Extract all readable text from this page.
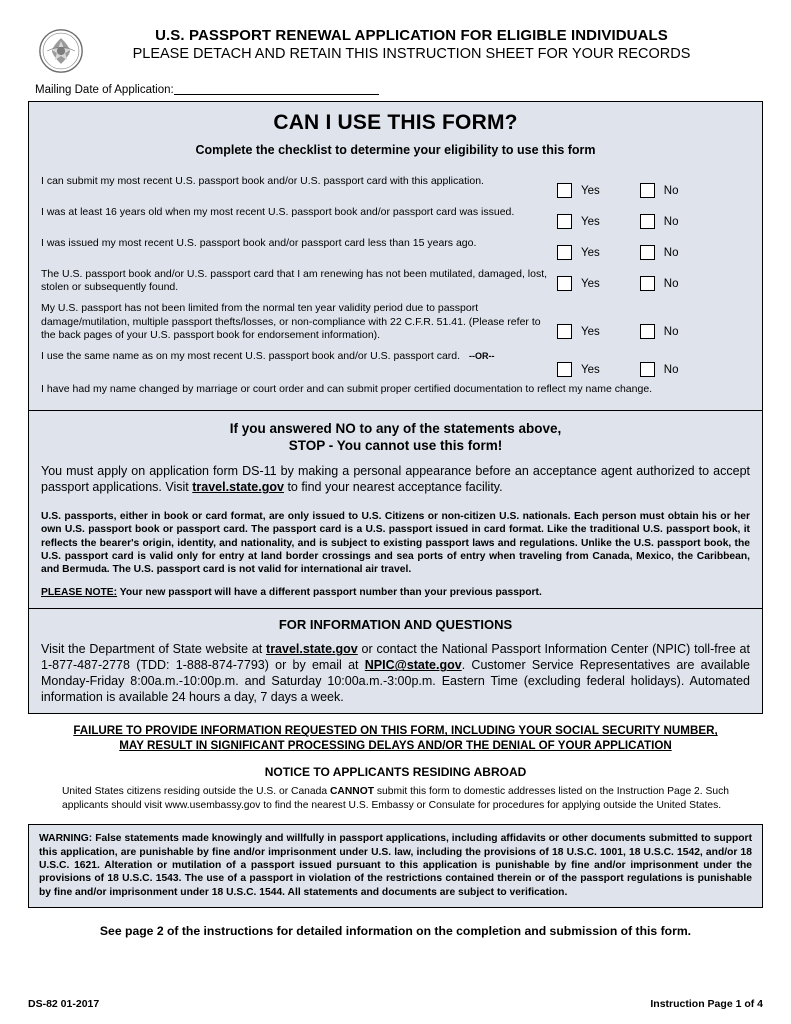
U.S. PASSPORT RENEWAL APPLICATION FOR ELIGIBLE INDIVIDUALS
PLEASE DETACH AND RETAIN THIS INSTRUCTION SHEET FOR YOUR RECORDS
Mailing Date of Application:
CAN I USE THIS FORM?
Complete the checklist to determine your eligibility to use this form
I can submit my most recent U.S. passport book and/or U.S. passport card with this application.
Yes	No
I was at least 16 years old when my most recent U.S. passport book and/or passport card was issued.
Yes	No
I was issued my most recent U.S. passport book and/or passport card less than 15 years ago.
Yes	No
The U.S. passport book and/or U.S. passport card that I am renewing has not been mutilated, damaged, lost, stolen or subsequently found.	Yes	No
My U.S. passport has not been limited from the normal ten year validity period due to passport damage/mutilation, multiple passport thefts/losses, or non-compliance with 22 C.F.R. 51.41. (Please refer to the back pages of your U.S. passport book for endorsement information).	Yes	No
I use the same name as on my most recent U.S. passport book and/or U.S. passport card. --OR--
Yes	No
I have had my name changed by marriage or court order and can submit proper certified documentation to reflect my name change.
If you answered NO to any of the statements above,
STOP - You cannot use this form!
You must apply on application form DS-11 by making a personal appearance before an acceptance agent authorized to accept passport applications. Visit travel.state.gov to find your nearest acceptance facility.
U.S. passports, either in book or card format, are only issued to U.S. Citizens or non-citizen U.S. nationals. Each person must obtain his or her own U.S. passport book or passport card. The passport card is a U.S. passport issued in card format. Like the traditional U.S. passport book, it reflects the bearer's origin, identity, and nationality, and is subject to existing passport laws and regulations. Unlike the U.S. passport book, the U.S. passport card is valid only for entry at land border crossings and sea ports of entry when traveling from Canada, Mexico, the Caribbean, and Bermuda. The U.S. passport card is not valid for international air travel.
PLEASE NOTE: Your new passport will have a different passport number than your previous passport.
FOR INFORMATION AND QUESTIONS
Visit the Department of State website at travel.state.gov or contact the National Passport Information Center (NPIC) toll-free at 1-877-487-2778 (TDD: 1-888-874-7793) or by email at NPIC@state.gov. Customer Service Representatives are available Monday-Friday 8:00a.m.-10:00p.m. and Saturday 10:00a.m.-3:00p.m. Eastern Time (excluding federal holidays). Automated information is available 24 hours a day, 7 days a week.
FAILURE TO PROVIDE INFORMATION REQUESTED ON THIS FORM, INCLUDING YOUR SOCIAL SECURITY NUMBER,
MAY RESULT IN SIGNIFICANT PROCESSING DELAYS AND/OR THE DENIAL OF YOUR APPLICATION
NOTICE TO APPLICANTS RESIDING ABROAD
United States citizens residing outside the U.S. or Canada CANNOT submit this form to domestic addresses listed on the Instruction Page 2. Such applicants should visit www.usembassy.gov to find the nearest U.S. Embassy or Consulate for procedures for applying outside the United States.

WARNING: False statements made knowingly and willfully in passport applications, including affidavits or other documents submitted to support this application, are punishable by fine and/or imprisonment under U.S. law, including the provisions of 18 U.S.C. 1001, 18 U.S.C. 1542, and/or 18 U.S.C. 1621. Alteration or mutilation of a passport issued pursuant to this application is punishable by fine and/or imprisonment under the provisions of 18 U.S.C. 1543. The use of a passport in violation of the restrictions contained therein or of the passport regulations is punishable by fine and/or imprisonment under 18 U.S.C. 1544. All statements and documents are subject to verification.

See page 2 of the instructions for detailed information on the completion and submission of this form.
DS-82 01-2017	Instruction Page 1 of 4
